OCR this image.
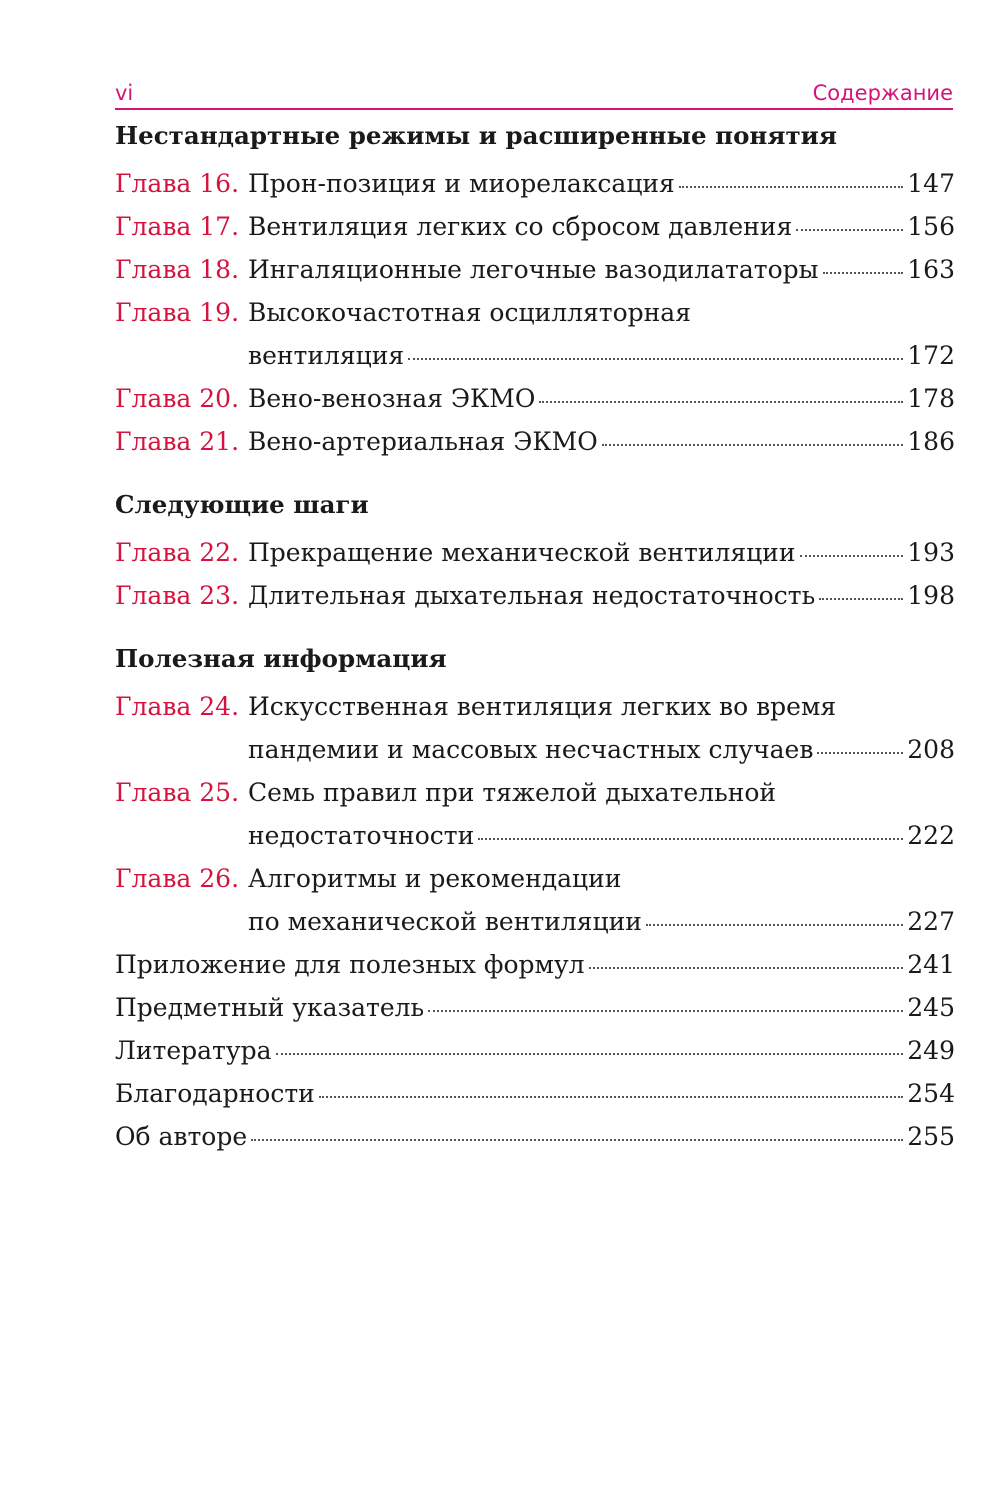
vi	Содержание
Нестандартные режимы и расширенные понятия
Глава 16. Прон-позиция и миорелаксация	147
Глава 17. Вентиляция легких со сбросом давления	156
Глава 18. Ингаляционные легочные вазодилататоры	163
Глава 19. Высокочастотная осцилляторная
вентиляция	172
Глава 20. Вено-венозная ЭКМО	178
Глава 21. Вено-артериальная ЭКМО	186
Следующие шаги
Глава 22. Прекращение механической вентиляции	193
Глава 23. Длительная дыхательная недостаточность	198
Полезная информация
Глава 24. Искусственная вентиляция легких во время
пандемии и массовых несчастных случаев	208
Глава 25. Семь правил при тяжелой дыхательной
недостаточности	222
Глава 26. Алгоритмы и рекомендации
по механической вентиляции	227
Приложение для полезных формул	241
Предметный указатель	245
Литература	249
Благодарности	254
Об авторе	255
